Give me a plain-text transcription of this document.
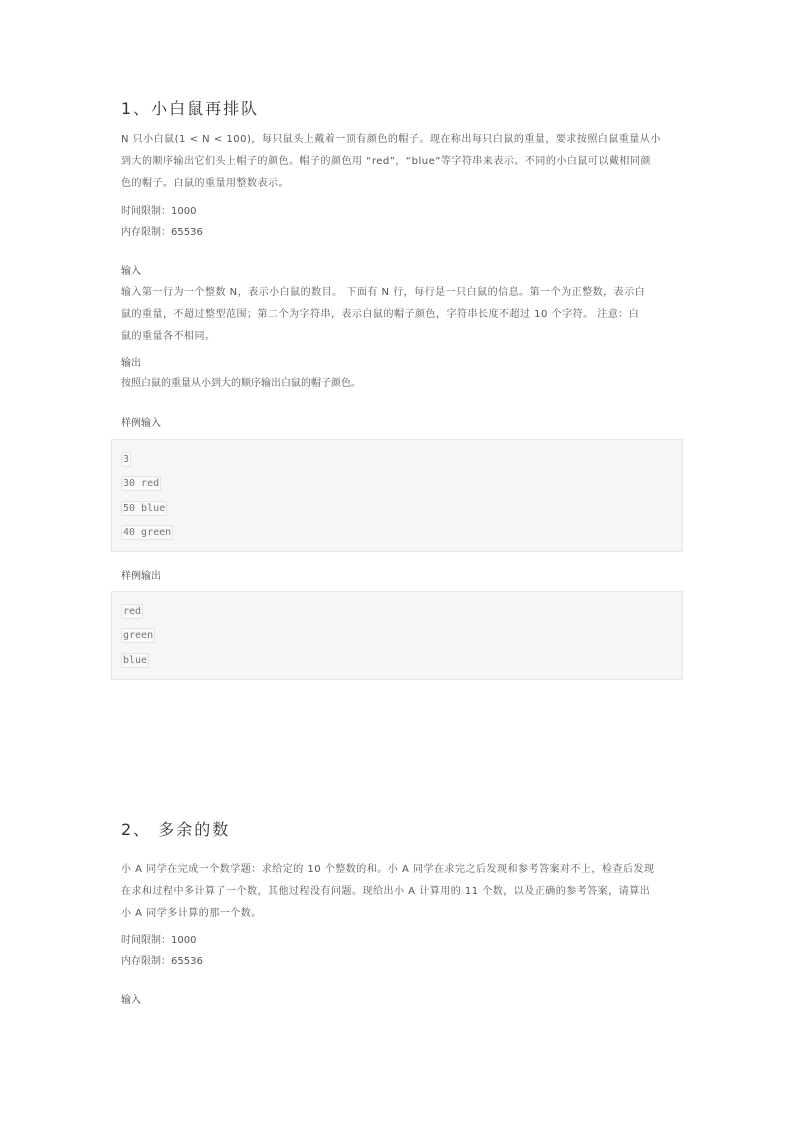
1、小白鼠再排队
N 只小白鼠(1 < N < 100)，每只鼠头上戴着一顶有颜色的帽子。现在称出每只白鼠的重量，要求按照白鼠重量从小
到大的顺序输出它们头上帽子的颜色。帽子的颜色用 “red”，“blue”等字符串来表示。不同的小白鼠可以戴相同颜
色的帽子。白鼠的重量用整数表示。
时间限制：1000
内存限制：65536
输入
输入第一行为一个整数 N，表示小白鼠的数目。 下面有 N 行，每行是一只白鼠的信息。第一个为正整数，表示白
鼠的重量，不超过整型范围；第二个为字符串，表示白鼠的帽子颜色，字符串长度不超过 10 个字符。 注意：白
鼠的重量各不相同。
输出
按照白鼠的重量从小到大的顺序输出白鼠的帽子颜色。
样例输入
3
30 red
50 blue
40 green
样例输出
red
green
blue
2、 多余的数
小 A 同学在完成一个数学题：求给定的 10 个整数的和。小 A 同学在求完之后发现和参考答案对不上，检查后发现
在求和过程中多计算了一个数，其他过程没有问题。现给出小 A 计算用的 11 个数，以及正确的参考答案，请算出
小 A 同学多计算的那一个数。
时间限制：1000
内存限制：65536
输入
